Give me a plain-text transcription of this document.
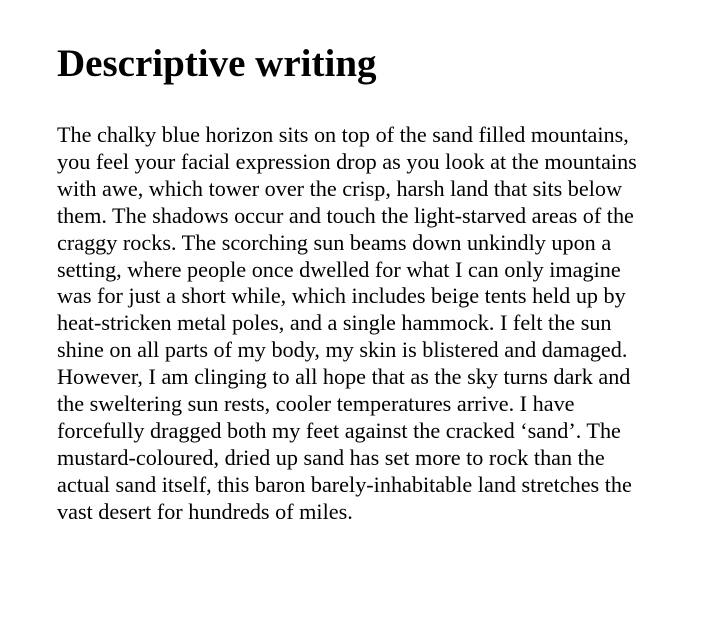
Descriptive writing

The chalky blue horizon sits on top of the sand filled mountains,
you feel your facial expression drop as you look at the mountains
with awe, which tower over the crisp, harsh land that sits below
them. The shadows occur and touch the light-starved areas of the
craggy rocks. The scorching sun beams down unkindly upon a
setting, where people once dwelled for what I can only imagine
was for just a short while, which includes beige tents held up by
heat-stricken metal poles, and a single hammock. I felt the sun
shine on all parts of my body, my skin is blistered and damaged.
However, I am clinging to all hope that as the sky turns dark and
the sweltering sun rests, cooler temperatures arrive. I have
forcefully dragged both my feet against the cracked ‘sand’. The
mustard-coloured, dried up sand has set more to rock than the
actual sand itself, this baron barely-inhabitable land stretches the
vast desert for hundreds of miles.
